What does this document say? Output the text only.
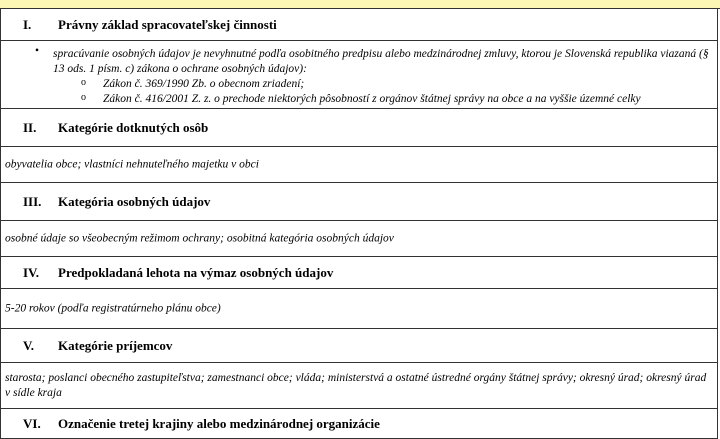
I. Právny základ spracovateľskej činnosti
• spracúvanie osobných údajov je nevyhnutné podľa osobitného predpisu alebo medzinárodnej zmluvy, ktorou je Slovenská republika viazaná (§ 13 ods. 1 písm. c) zákona o ochrane osobných údajov):
o Zákon č. 369/1990 Zb. o obecnom zriadení;
o Zákon č. 416/2001 Z. z. o prechode niektorých pôsobností z orgánov štátnej správy na obce a na vyššie územné celky
II. Kategórie dotknutých osôb
obyvatelia obce; vlastníci nehnuteľného majetku v obci
III. Kategória osobných údajov
osobné údaje so všeobecným režimom ochrany; osobitná kategória osobných údajov
IV. Predpokladaná lehota na výmaz osobných údajov
5-20 rokov (podľa registratúrneho plánu obce)
V. Kategórie príjemcov
starosta; poslanci obecného zastupiteľstva; zamestnanci obce; vláda; ministerstvá a ostatné ústredné orgány štátnej správy; okresný úrad; okresný úrad v sídle kraja
VI. Označenie tretej krajiny alebo medzinárodnej organizácie
